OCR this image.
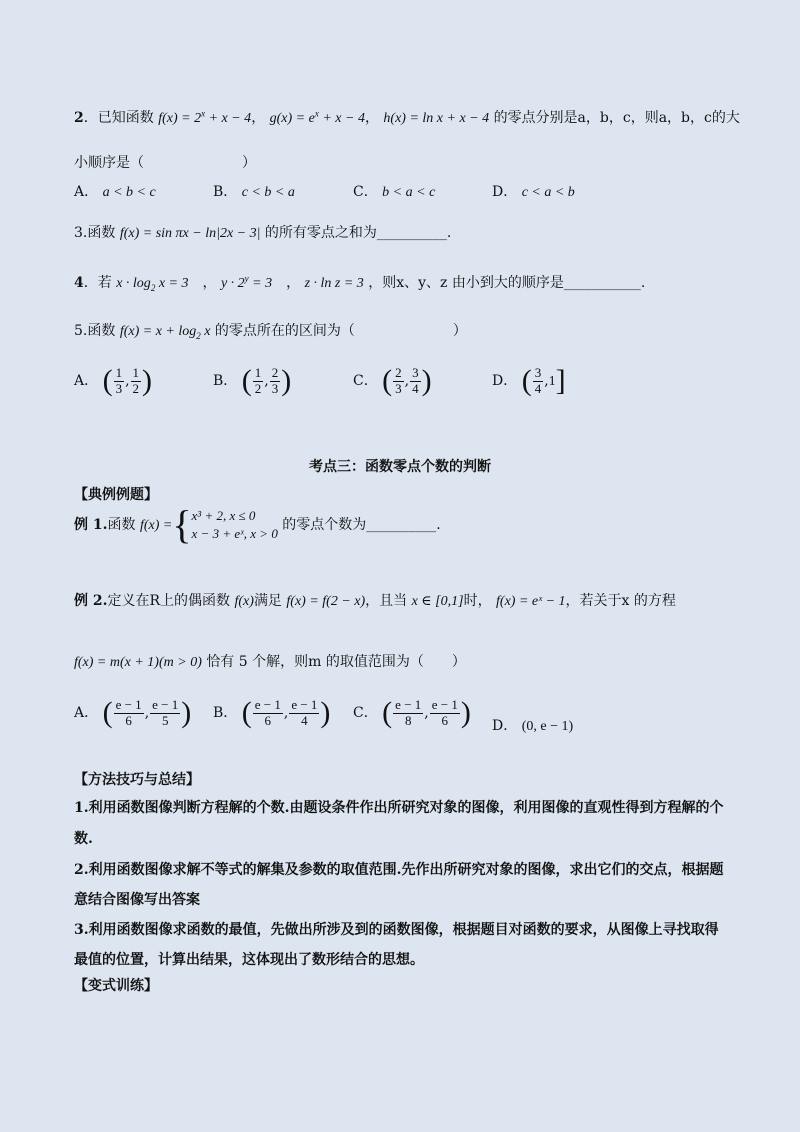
2．已知函数 $f(x) = 2^x + x - 4$， $g(x) = e^x + x - 4$， h(x) = ln x + x − 4 的零点分别是a，b，c，则a，b，c的大
小顺序是（　　　　　　　）
A． a < b < c	B． c < b < a	C． b < a < c	D． c < a < b
3.函数 f(x) = sin πx − ln|2x − 3| 的所有零点之和为__________.
4．若 $x \cdot \log_2 x = 3$　， $y \cdot 2^y = 3$　， z · ln z = 3 ，则x、y、z 由小到大的顺序是___________.
5.函数 $f(x) = x + \log_2 x$ 的零点所在的区间为（　　　　　　　）
A． ( $\frac{1}{3}$ , $\frac{1}{2}$ )	B． ( $\frac{1}{2}$ , $\frac{2}{3}$ )	C． ( $\frac{2}{3}$ , $\frac{3}{4}$ )	D． ( $\frac{3}{4} ,1$]
考点三：函数零点个数的判断
【典例例题】
例 1.函数 f(x) ={x³ + 2, x ≤ 0
x − 3 + eˣ, x > 0 的零点个数为__________.
例 2.定义在R上的偶函数 f(x)满足 f(x) = f(2 − x)，且当 x ∈ [0,1]时， f(x) = eˣ − 1，若关于x 的方程
f(x) = m(x + 1)(m > 0) 恰有 5 个解，则m 的取值范围为（　　）
A． ( $\frac{e - 1}{6}$ , $\frac{e - 1}{5}$ ) B． ( $\frac{e - 1}{6}$ , $\frac{e - 1}{4}$ ) C． ( $\frac{e - 1}{8}$ , $\frac{e - 1}{6}$ ) D． (0, e − 1)
【方法技巧与总结】
1.利用函数图像判断方程解的个数.由题设条件作出所研究对象的图像，利用图像的直观性得到方程解的个
数.
2.利用函数图像求解不等式的解集及参数的取值范围.先作出所研究对象的图像，求出它们的交点，根据题
意结合图像写出答案
3.利用函数图像求函数的最值，先做出所涉及到的函数图像，根据题目对函数的要求，从图像上寻找取得
最值的位置，计算出结果，这体现出了数形结合的思想。
【变式训练】
